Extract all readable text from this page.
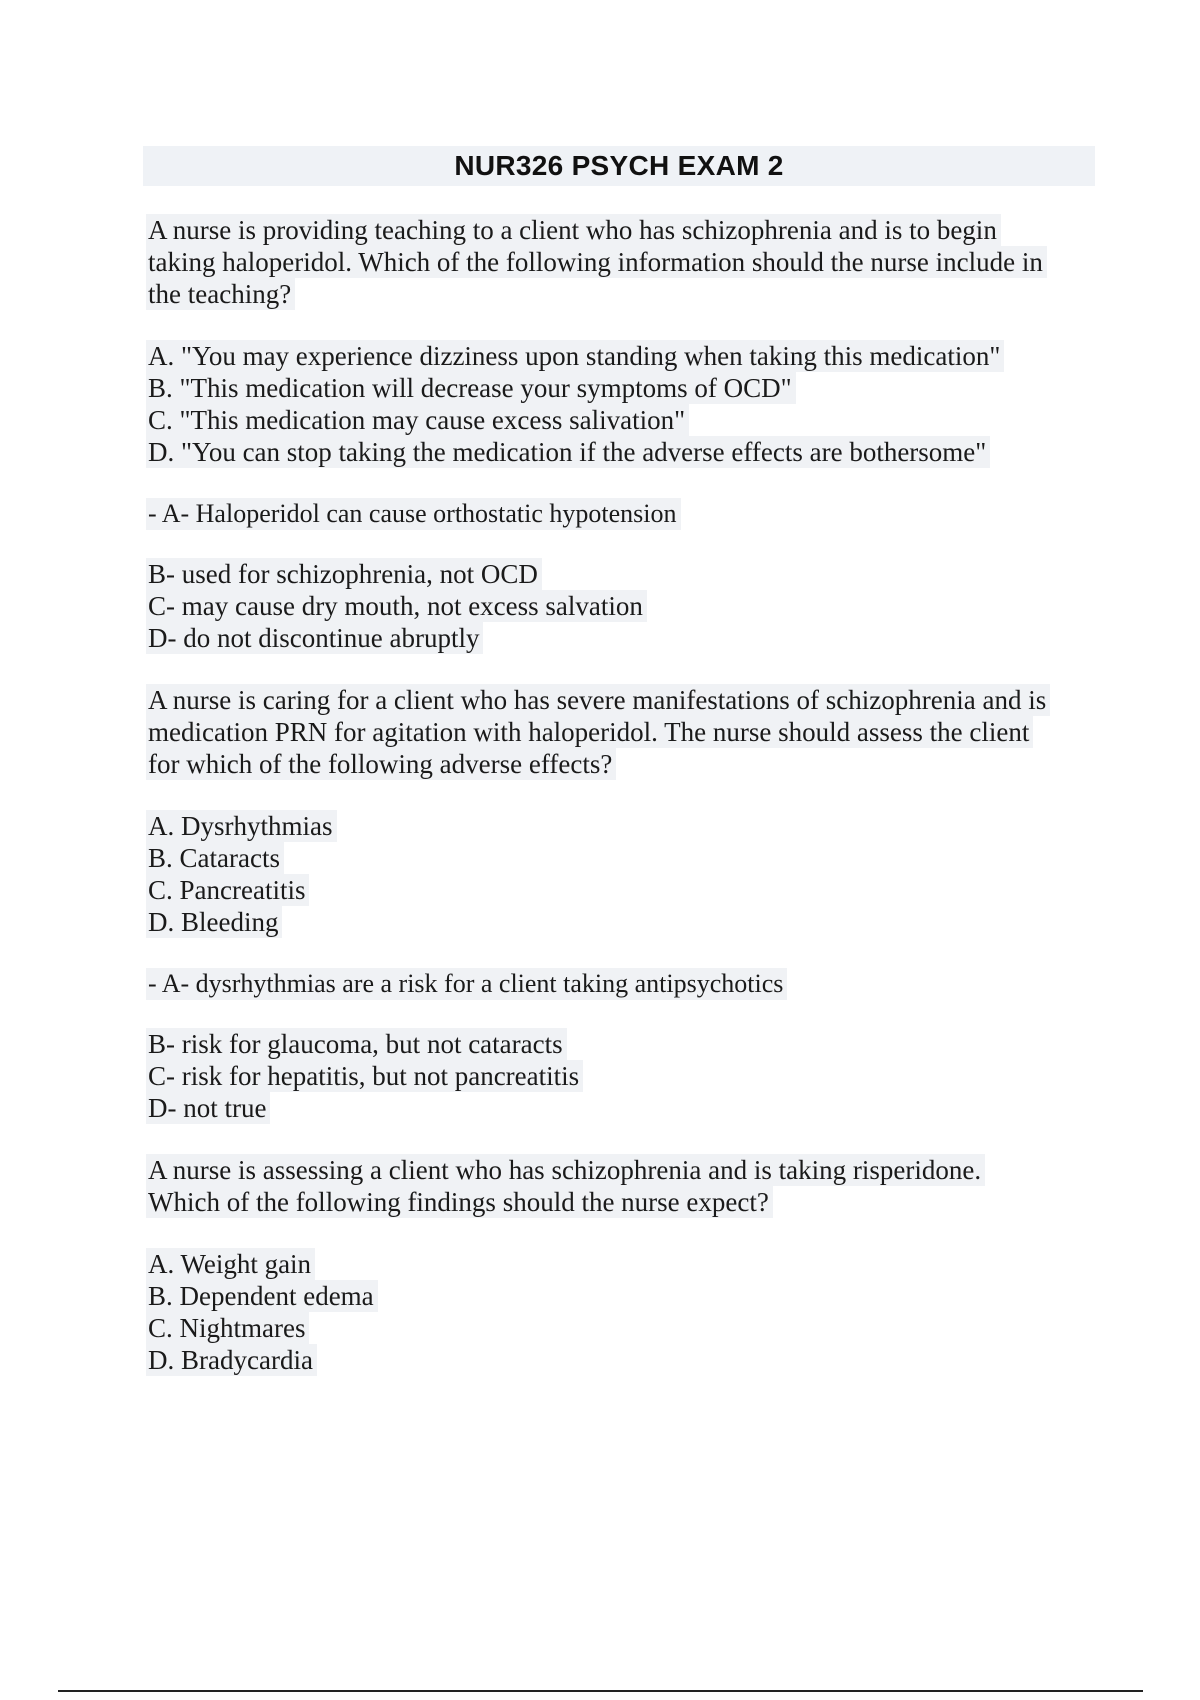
NUR326 PSYCH EXAM 2
A nurse is providing teaching to a client who has schizophrenia and is to begin
taking haloperidol. Which of the following information should the nurse include in
the teaching?
A. "You may experience dizziness upon standing when taking this medication"
B. "This medication will decrease your symptoms of OCD"
C. "This medication may cause excess salivation"
D. "You can stop taking the medication if the adverse effects are bothersome"
- A- Haloperidol can cause orthostatic hypotension
B- used for schizophrenia, not OCD
C- may cause dry mouth, not excess salvation
D- do not discontinue abruptly
A nurse is caring for a client who has severe manifestations of schizophrenia and is
medication PRN for agitation with haloperidol. The nurse should assess the client
for which of the following adverse effects?
A. Dysrhythmias
B. Cataracts
C. Pancreatitis
D. Bleeding
- A- dysrhythmias are a risk for a client taking antipsychotics
B- risk for glaucoma, but not cataracts
C- risk for hepatitis, but not pancreatitis
D- not true
A nurse is assessing a client who has schizophrenia and is taking risperidone.
Which of the following findings should the nurse expect?
A. Weight gain
B. Dependent edema
C. Nightmares
D. Bradycardia
